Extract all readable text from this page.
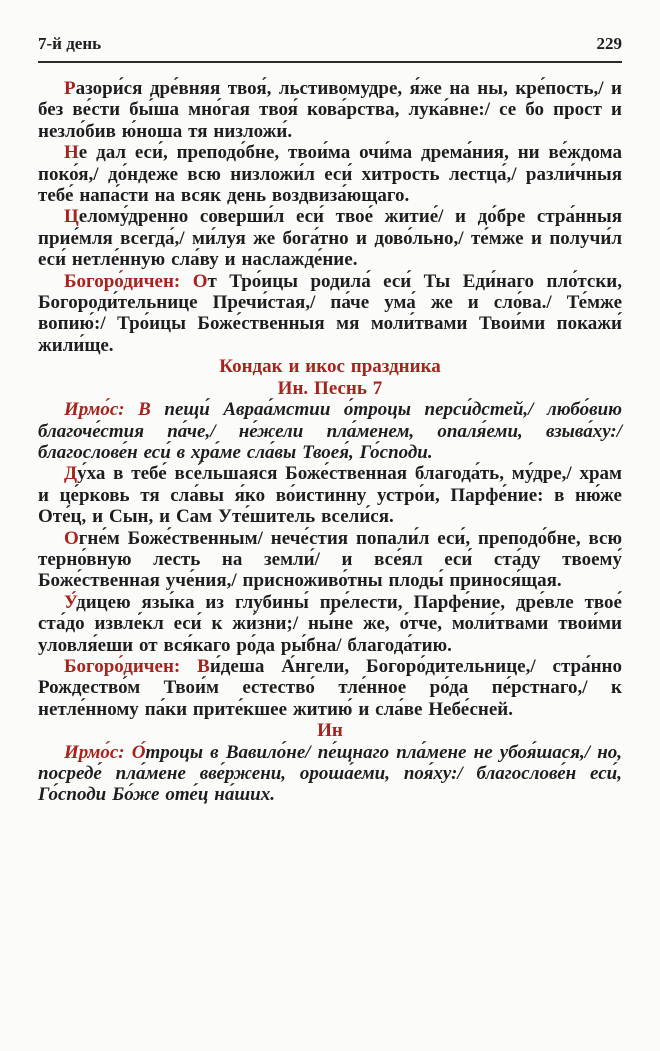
7-й день	229

Разори́ся дре́вняя твоя́, льстивомудре, я́же на ны, кре́пость,/ и без ве́сти бы́ша мно́гая твоя́ кова́рства, лука́вне:/ се бо прост и незло́бив ю́ноша тя низложи́.

Не дал еси́, преподо́бне, твои́ма очи́ма дрема́ния, ни ве́ждома поко́я,/ до́ндеже всю низложи́л еси́ хитрость лестца́,/ разли́чныя тебе́ напа́сти на всяк день воздвиза́ющаго.

Целому́дренно соверши́л еси́ твое́ житие́/ и до́бре стра́нныя прие́мля всегда́,/ ми́луя же бога́тно и дово́льно,/ те́мже и получи́л еси́ нетле́нную сла́ву и наслажде́ние.

Богоро́дичен: От Тро́ицы родила́ еси́ Ты Еди́наго пло́тски, Богороди́тельнице Пречи́стая,/ па́че ума́ же и сло́ва./ Те́мже вопию́:/ Тро́ицы Боже́ственныя мя моли́твами Твои́ми покажи́ жили́ще.

Кондак и икос праздника

Ин. Песнь 7

Ирмо́с: В пещи́ Авраа́мстии о́троцы перси́дстей,/ любо́вию благоче́стия па́че,/ не́жели пла́менем, опаля́еми, взыва́ху:/ благослове́н еси́ в хра́ме сла́вы Твоея́, Го́споди.

Ду́ха в тебе́ все́льшаяся Боже́ственная благода́ть, му́дре,/ храм и це́рковь тя сла́вы я́ко во́истинну устро́и, Парфе́ние: в ню́же Оте́ц, и Сын, и Сам Уте́шитель всели́ся.

Огне́м Боже́ственным/ нече́стия попали́л еси́, преподо́бне, всю терно́вную лесть на земли́/ и все́ял еси́ ста́ду твоему́ Боже́ственная уче́ния,/ присноживо́тны плоды́ принося́щая.

У́дицею язы́ка из глубины́ пре́лести, Парфе́ние, дре́вле твое́ ста́до извле́кл еси́ к жи́зни;/ ны́не же, о́тче, моли́твами твои́ми уловля́еши от вся́каго ро́да ры́бна/ благода́тию.

Богоро́дичен: Ви́деша А́нгели, Богоро́дительнице,/ стра́нно Рождество́м Твои́м естество́ тле́нное ро́да пе́рстнаго,/ к нетле́нному па́ки прите́кшее житию́ и сла́ве Небе́сней.

Ин

Ирмо́с: О́троцы в Вавило́не/ пе́щнаго пла́мене не убоя́шася,/ но, посреде́ пла́мене вве́ржени, ороша́еми, поя́ху:/ благослове́н еси́, Го́споди Бо́же оте́ц на́ших.
